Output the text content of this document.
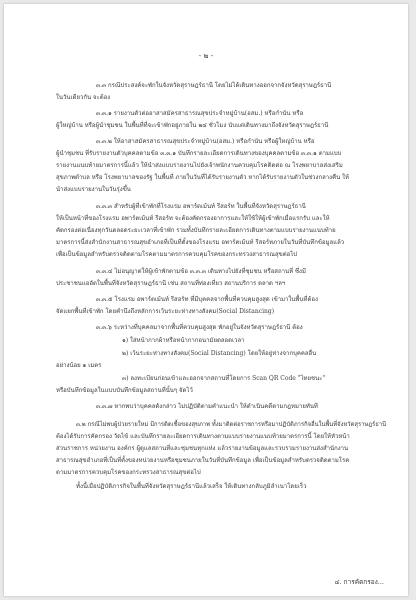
- ๒ -
๓.๓ กรณีประสงค์จะพักในจังหวัดสุราษฎร์ธานี โดยไม่ได้เดินทางออกจากจังหวัดสุราษฎร์ธานี
ในวันเดียวกัน จะต้อง
๓.๓.๑ รายงานตัวต่ออาสาสมัครสาธารณสุขประจำหมู่บ้าน(อสม.) หรือกำนัน หรือ
ผู้ใหญ่บ้าน หรือผู้นำชุมชน ในพื้นที่ที่จะเข้าพักอยู่ภายใน ๒๔ ชั่วโมง นับแต่เดินทางมาถึงจังหวัดสุราษฎร์ธานี
๓.๓.๒ ให้อาสาสมัครสาธารณสุขประจำหมู่บ้าน(อสม.) หรือกำนัน หรือผู้ใหญ่บ้าน หรือ
ผู้นำชุมชน ที่รับรายงานตัวบุคคลตามข้อ ๓.๓.๑ บันทึกรายละเอียดการเดินทางของบุคคลตามข้อ ๓.๓.๑ ตามแบบ
รายงานแนบท้ายมาตรการนี้แล้ว ให้นำส่งแบบรายงานไปยังเจ้าพนักงานควบคุมโรคติดต่อ ณ โรงพยาบาลส่งเสริม
สุขภาพตำบล หรือ โรงพยาบาลของรัฐ ในพื้นที่ ภายในวันที่ได้รับรายงานตัว หากได้รับรายงานตัวในช่วงกลางคืน ให้
นำส่งแบบรายงานในวันรุ่งขึ้น
๓.๓.๓ สำหรับผู้ที่เข้าพักที่โรงแรม อพาร์ตเม้นท์ รีสอร์ท ในพื้นที่จังหวัดสุราษฎร์ธานี
ให้เป็นหน้าที่ของโรงแรม อพาร์ตเม้นท์ รีสอร์ท จะต้องคัดกรองอาการและให้ใช้ให้ผู้เข้าพักเมื่อแรกรับ และให้
คัดกรองต่อเนื่องทุกวันตลอดระยะเวลาที่เข้าพัก รวมทั้งบันทึกรายละเอียดการเดินทางตามแบบรายงานแนบท้าย
มาตรการนี้ส่งสำนักงานสาธารณสุขอำเภอที่เป็นที่ตั้งของโรงแรม อพาร์ตเม้นท์ รีสอร์ทภายในวันที่บันทึกข้อมูลแล้ว
เพื่อเป็นข้อมูลสำหรับตรวจติดตามโรคตามมาตรการควบคุมโรคของกระทรวงสาธารณสุขต่อไป
๓.๓.๔ ไม่อนุญาตให้ผู้เข้าพักตามข้อ ๓.๓.๓ เดินทางไปยังที่ชุมชน หรือสถานที่ ซึ่งมี
ประชาชนแออัดในพื้นที่จังหวัดสุราษฎร์ธานี เช่น สถานที่ท่องเที่ยว สถานบริการ ตลาด ฯลฯ
๓.๓.๕ โรงแรม อพาร์ตเม้นท์ รีสอร์ท ที่มีบุคคลจากพื้นที่ควบคุมสูงสุด เข้ามาในพื้นที่ต้อง
จัดแยกพื้นที่เข้าพัก โดยคำนึงถึงหลักการเว้นระยะห่างทางสังคม(Social Distancing)
๓.๓.๖ ระหว่างที่บุคคลมาจากพื้นที่ควบคุมสูงสุด พักอยู่ในจังหวัดสุราษฎร์ธานี ต้อง
๑) ใส่หน้ากากผ้าหรือหน้ากากอนามัยตลอดเวลา
๒) เว้นระยะห่างทางสังคม(Social Distancing) โดยให้อยู่ห่างจากบุคคลอื่น
อย่างน้อย ๑ เมตร
๓) ลงทะเบียนก่อนเข้าและออกจากสถานที่โดยการ Scan QR Code "ไทยชนะ"
หรือบันทึกข้อมูลในแบบบันทึกข้อมูลสถานที่นั้นๆ จัดไว้
๓.๓.๗ หากพบว่าบุคคลดังกล่าว ไม่ปฏิบัติตามคำแนะนำ ให้ดำเนินคดีตามกฎหมายทันที
๓.๒ กรณีไม่พบผู้ป่วยรายใหม่ มีการติดเชื้อของสุขภาพ ทั้งมาติดต่อราชการหรือมาปฏิบัติภารกิจอื่นในพื้นที่จังหวัดสุราษฎร์ธานี
ต้องได้รับการคัดกรอง วัดไข้ และบันทึกรายละเอียดการเดินทางตามแบบรายงานแนบท้ายมาตรการนี้ โดยให้หัวหน้า
ส่วนราชการ หน่วยงาน องค์กร ผู้ดูแลสถานที่และชุมชนทุกแห่ง แล้วรายงานข้อมูลและรวบรวมรายงานส่งสำนักงาน
สาธารณสุขอำเภอที่เป็นที่ตั้งของหน่วยงานหรือชุมชนภายในวันที่บันทึกข้อมูล เพื่อเป็นข้อมูลสำหรับตรวจติดตามโรค
ตามมาตรการควบคุมโรคของกระทรวงสาธารณสุขต่อไป
ทั้งนี้เมื่อปฏิบัติภารกิจในพื้นที่จังหวัดสุราษฎร์ธานีแล้วเสร็จ ให้เดินทางกลับภูมิลำเนาโดยเร็ว
๔. การคัดกรอง...
